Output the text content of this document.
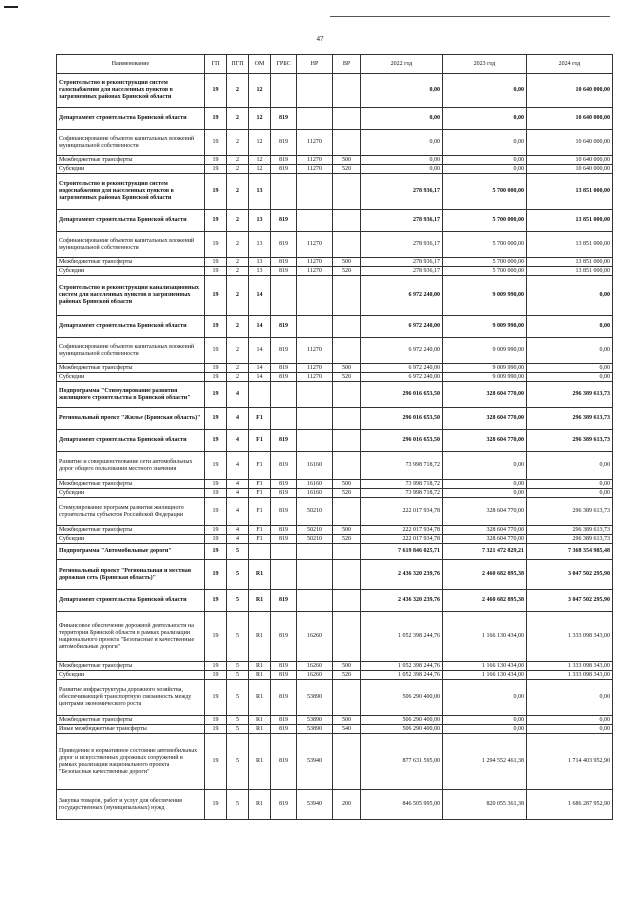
47
Наименование	ГП	ПГП	ОМ	ГРБС	НР	ВР	2022 год	2023 год	2024 год
Строительство и реконструкция систем газоснабжения для населенных пунктов в загрязненных районах Брянской области	19	2	12				0,00	0,00	10 640 000,00
Департамент строительства Брянской области	19	2	12	819			0,00	0,00	10 640 000,00
Софинансирование объектов капитальных вложений муниципальной собственности	19	2	12	819	11270		0,00	0,00	10 640 000,00
Межбюджетные трансферты	19	2	12	819	11270	500	0,00	0,00	10 640 000,00
Субсидии	19	2	12	819	11270	520	0,00	0,00	10 640 000,00
Строительство и реконструкция систем водоснабжения для населенных пунктов в загрязненных районах Брянской области	19	2	13				278 936,17	5 700 000,00	13 851 000,00
Департамент строительства Брянской области	19	2	13	819			278 936,17	5 700 000,00	13 851 000,00
Софинансирование объектов капитальных вложений муниципальной собственности	19	2	13	819	11270		278 936,17	5 700 000,00	13 851 000,00
Межбюджетные трансферты	19	2	13	819	11270	500	278 936,17	5 700 000,00	13 851 000,00
Субсидии	19	2	13	819	11270	520	278 936,17	5 700 000,00	13 851 000,00
Строительство и реконструкция канализационных систем для населенных пунктов в загрязненных районах Брянской области	19	2	14				6 972 240,00	9 009 990,00	0,00
Департамент строительства Брянской области	19	2	14	819			6 972 240,00	9 009 990,00	0,00
Софинансирование объектов капитальных вложений муниципальной собственности	19	2	14	819	11270		6 972 240,00	9 009 990,00	0,00
Межбюджетные трансферты	19	2	14	819	11270	500	6 972 240,00	9 009 990,00	0,00
Субсидии	19	2	14	819	11270	520	6 972 240,00	9 009 990,00	0,00
Подпрограмма "Стимулирование развития жилищного строительства в Брянской области"	19	4					296 016 653,50	328 604 770,00	296 389 613,73
Региональный проект "Жилье (Брянская область)"	19	4	F1				296 016 653,50	328 604 770,00	296 389 613,73
Департамент строительства Брянской области	19	4	F1	819			296 016 653,50	328 604 770,00	296 389 613,73
Развитие и совершенствование сети автомобильных дорог общего пользования местного значения	19	4	F1	819	16160		73 998 718,72	0,00	0,00
Межбюджетные трансферты	19	4	F1	819	16160	500	73 998 718,72	0,00	0,00
Субсидии	19	4	F1	819	16160	520	73 998 718,72	0,00	0,00
Стимулирование программ развития жилищного строительства субъектов Российской Федерации	19	4	F1	819	50210		222 017 934,78	328 604 770,00	296 389 613,73
Межбюджетные трансферты	19	4	F1	819	50210	500	222 017 934,78	328 604 770,00	296 389 613,73
Субсидии	19	4	F1	819	50210	520	222 017 934,78	328 604 770,00	296 389 613,73
Подпрограмма "Автомобильные дороги"	19	5					7 619 846 025,71	7 321 472 829,21	7 368 354 985,48
Региональный проект "Региональная и местная дорожная сеть (Брянская область)"	19	5	R1				2 436 320 239,76	2 460 682 895,38	3 047 502 295,90
Департамент строительства Брянской области	19	5	R1	819			2 436 320 239,76	2 460 682 895,38	3 047 502 295,90
Финансовое обеспечение дорожной деятельности на территории Брянской области в рамках реализации национального проекта "Безопасные и качественные автомобильные дороги"	19	5	R1	819	16260		1 052 398 244,76	1 166 130 434,00	1 333 098 343,00
Межбюджетные трансферты	19	5	R1	819	16260	500	1 052 398 244,76	1 166 130 434,00	1 333 098 343,00
Субсидии	19	5	R1	819	16260	520	1 052 398 244,76	1 166 130 434,00	1 333 098 343,00
Развитие инфраструктуры дорожного хозяйства, обеспечивающей транспортную связанность между центрами экономического роста	19	5	R1	819	53890		506 290 400,00	0,00	0,00
Межбюджетные трансферты	19	5	R1	819	53890	500	506 290 400,00	0,00	0,00
Иные межбюджетные трансферты	19	5	R1	819	53890	540	506 290 400,00	0,00	0,00
Приведение в нормативное состояние автомобильных дорог и искусственных дорожных сооружений в рамках реализации национального проекта "Безопасные качественные дороги"	19	5	R1	819	53940		877 631 595,00	1 294 552 461,38	1 714 403 952,90
Закупка товаров, работ и услуг для обеспечения государственных (муниципальных) нужд	19	5	R1	819	53940	200	846 505 995,00	820 055 361,38	1 686 287 952,90
